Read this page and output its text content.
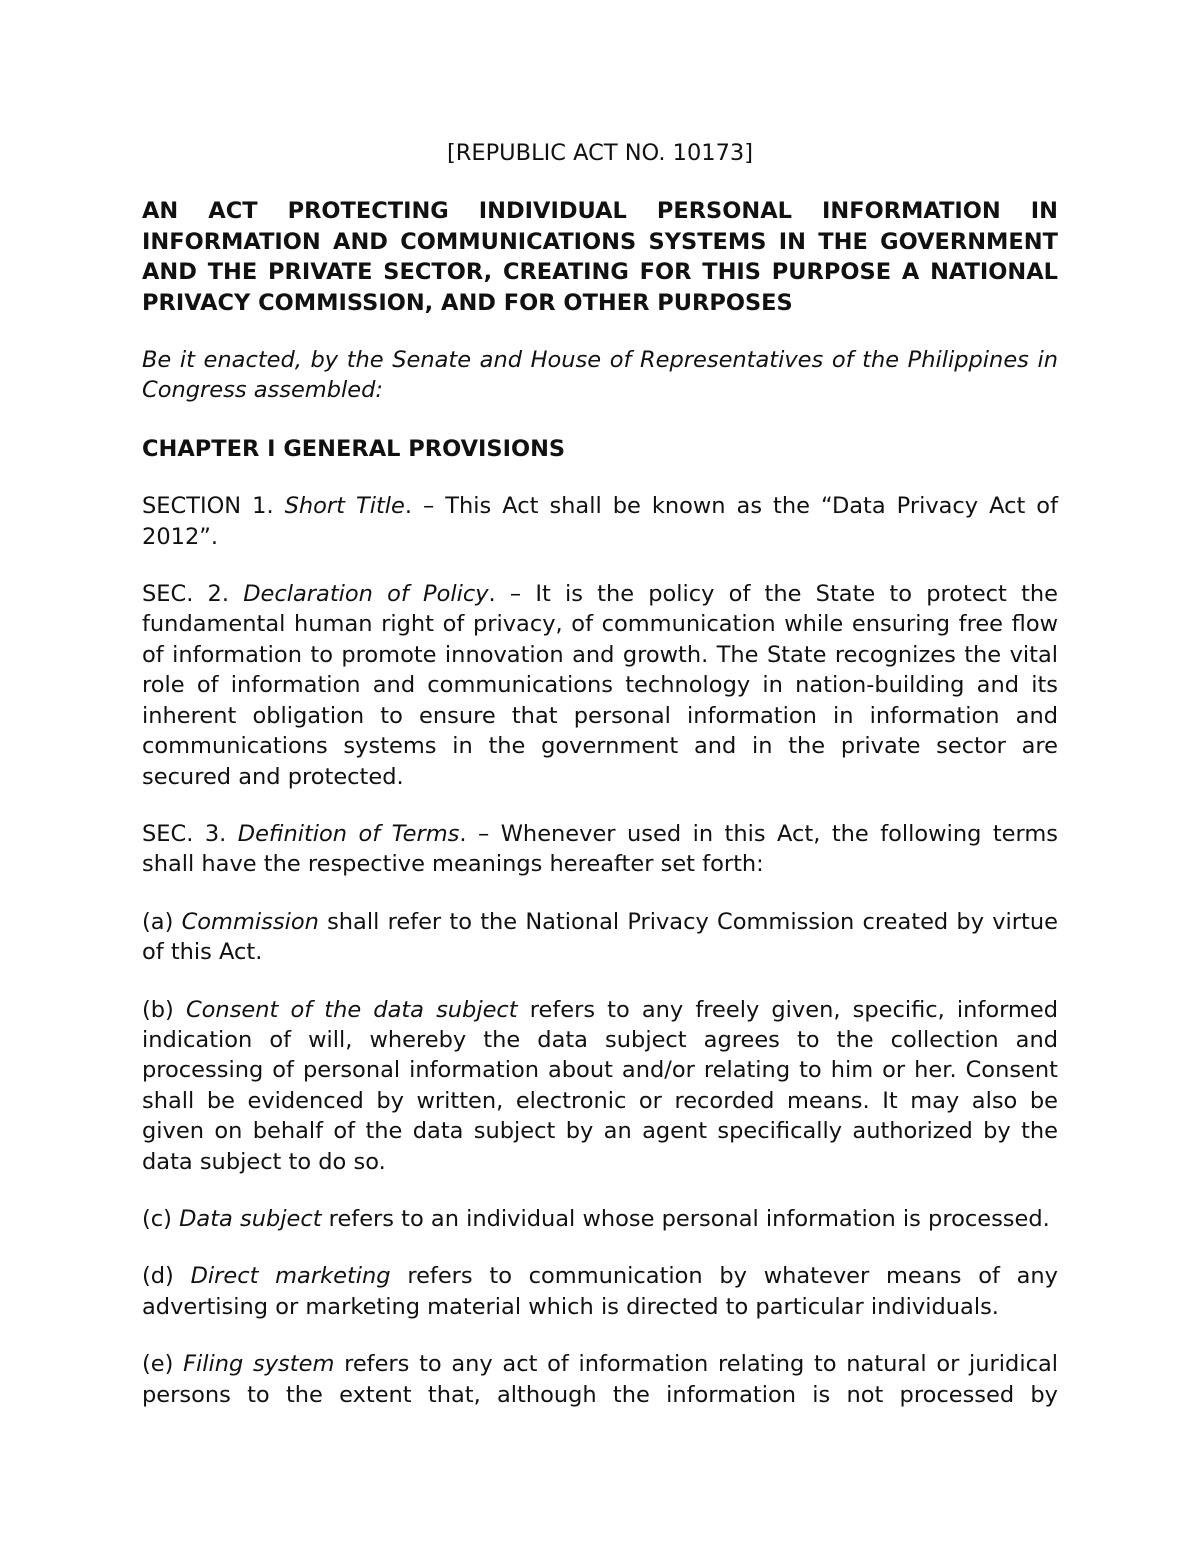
[REPUBLIC ACT NO. 10173]
AN ACT PROTECTING INDIVIDUAL PERSONAL INFORMATION IN INFORMATION AND COMMUNICATIONS SYSTEMS IN THE GOVERNMENT AND THE PRIVATE SECTOR, CREATING FOR THIS PURPOSE A NATIONAL PRIVACY COMMISSION, AND FOR OTHER PURPOSES
Be it enacted, by the Senate and House of Representatives of the Philippines in Congress assembled:
CHAPTER I GENERAL PROVISIONS
SECTION 1. Short Title. – This Act shall be known as the “Data Privacy Act of 2012”.
SEC. 2. Declaration of Policy. – It is the policy of the State to protect the fundamental human right of privacy, of communication while ensuring free flow of information to promote innovation and growth. The State recognizes the vital role of information and communications technology in nation-building and its inherent obligation to ensure that personal information in information and communications systems in the government and in the private sector are secured and protected.
SEC. 3. Definition of Terms. – Whenever used in this Act, the following terms shall have the respective meanings hereafter set forth:
(a) Commission shall refer to the National Privacy Commission created by virtue of this Act.
(b) Consent of the data subject refers to any freely given, specific, informed indication of will, whereby the data subject agrees to the collection and processing of personal information about and/or relating to him or her. Consent shall be evidenced by written, electronic or recorded means. It may also be given on behalf of the data subject by an agent specifically authorized by the data subject to do so.
(c) Data subject refers to an individual whose personal information is processed.
(d) Direct marketing refers to communication by whatever means of any advertising or marketing material which is directed to particular individuals.
(e) Filing system refers to any act of information relating to natural or juridical persons to the extent that, although the information is not processed by
